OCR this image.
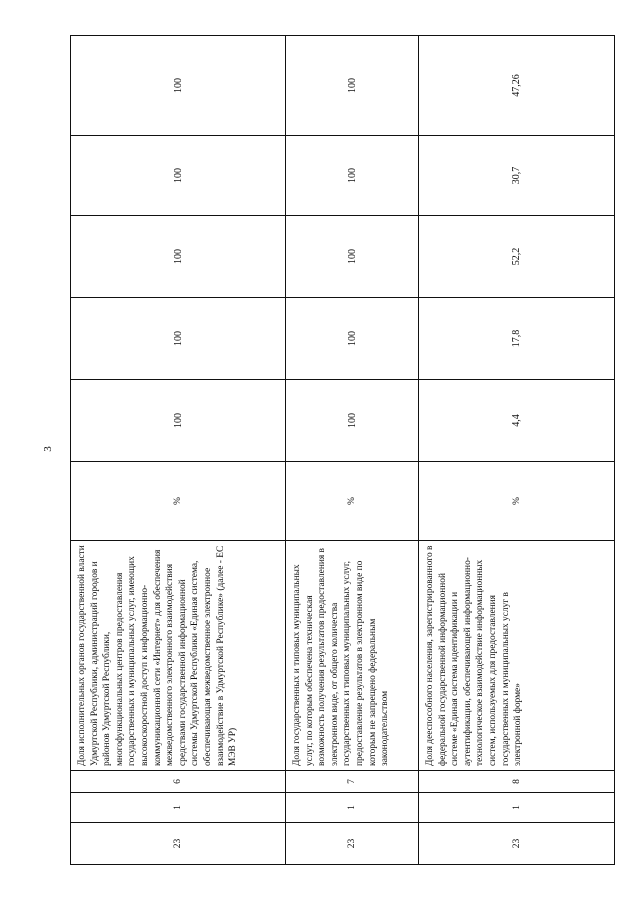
3
23	1	6	Доля исполнительных органов государственной власти Удмуртской Республики, администраций городов и районов Удмуртской Республики, многофункциональных центров предоставления государственных и муниципальных услуг, имеющих высокоскоростной доступ к информационно-коммуникационной сети «Интернет» для обеспечения межведомственного электронного взаимодействия средствами государственной информационной системы Удмуртской Республики «Единая система, обеспечивающая межведомственное электронное взаимодействие в Удмуртской Республике» (далее - ЕС МЭВ УР)	%	100	100	100	100	100
23	1	7	Доля государственных и типовых муниципальных услуг, по которым обеспечена техническая возможность получения результатов предоставления в электронном виде, от общего количества государственных и типовых муниципальных услуг, предоставление результатов в электронном виде по которым не запрещено федеральным законодательством	%	100	100	100	100	100
23	1	8	Доля дееспособного населения, зарегистрированного в федеральной государственной информационной системе «Единая система идентификации и аутентификации, обеспечивающей информационно-технологическое взаимодействие информационных систем, используемых для предоставления государственных и муниципальных услуг в электронной форме»	%	4,4	17,8	52,2	30,7	47,26
